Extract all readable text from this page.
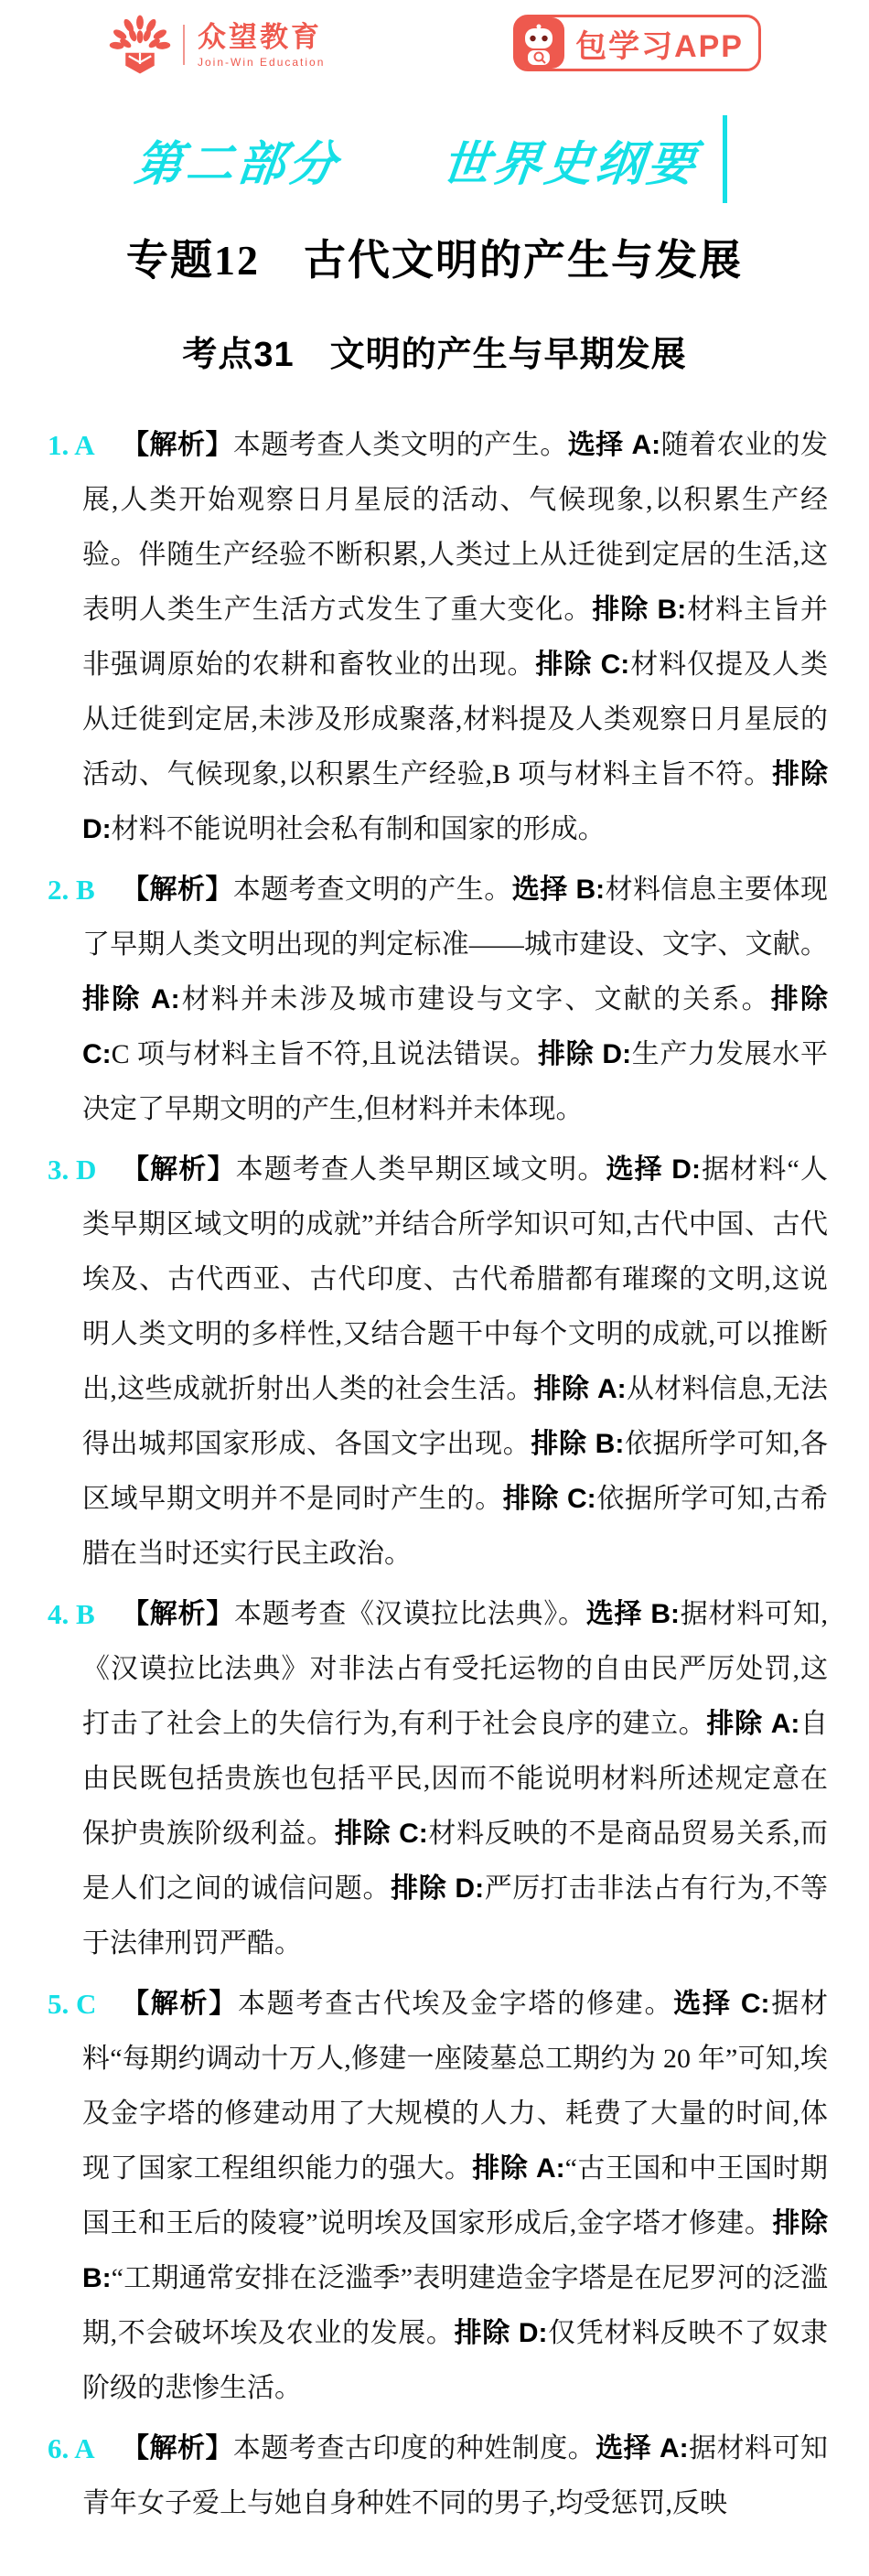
众望教育
Join-Win Education	包学习APP
第二部分　　世界史纲要
专题12　古代文明的产生与发展
考点31　文明的产生与早期发展
1. A 【解析】本题考查人类文明的产生。选择 A:随着农业的发展,人类开始观察日月星辰的活动、气候现象,以积累生产经验。伴随生产经验不断积累,人类过上从迁徙到定居的生活,这表明人类生产生活方式发生了重大变化。排除 B:材料主旨并非强调原始的农耕和畜牧业的出现。排除 C:材料仅提及人类从迁徙到定居,未涉及形成聚落,材料提及人类观察日月星辰的活动、气候现象,以积累生产经验,B 项与材料主旨不符。排除 D:材料不能说明社会私有制和国家的形成。

2. B 【解析】本题考查文明的产生。选择 B:材料信息主要体现了早期人类文明出现的判定标准——城市建设、文字、文献。排除 A:材料并未涉及城市建设与文字、文献的关系。排除 C:C 项与材料主旨不符,且说法错误。排除 D:生产力发展水平决定了早期文明的产生,但材料并未体现。

3. D 【解析】本题考查人类早期区域文明。选择 D:据材料“人类早期区域文明的成就”并结合所学知识可知,古代中国、古代埃及、古代西亚、古代印度、古代希腊都有璀璨的文明,这说明人类文明的多样性,又结合题干中每个文明的成就,可以推断出,这些成就折射出人类的社会生活。排除 A:从材料信息,无法得出城邦国家形成、各国文字出现。排除 B:依据所学可知,各区域早期文明并不是同时产生的。排除 C:依据所学可知,古希腊在当时还实行民主政治。

4. B 【解析】本题考查《汉谟拉比法典》。选择 B:据材料可知,《汉谟拉比法典》对非法占有受托运物的自由民严厉处罚,这打击了社会上的失信行为,有利于社会良序的建立。排除 A:自由民既包括贵族也包括平民,因而不能说明材料所述规定意在保护贵族阶级利益。排除 C:材料反映的不是商品贸易关系,而是人们之间的诚信问题。排除 D:严厉打击非法占有行为,不等于法律刑罚严酷。

5. C 【解析】本题考查古代埃及金字塔的修建。选择 C:据材料“每期约调动十万人,修建一座陵墓总工期约为 20 年”可知,埃及金字塔的修建动用了大规模的人力、耗费了大量的时间,体现了国家工程组织能力的强大。排除 A:“古王国和中王国时期国王和王后的陵寝”说明埃及国家形成后,金字塔才修建。排除 B:“工期通常安排在泛滥季”表明建造金字塔是在尼罗河的泛滥期,不会破坏埃及农业的发展。排除 D:仅凭材料反映不了奴隶阶级的悲惨生活。

6. A 【解析】本题考查古印度的种姓制度。选择 A:据材料可知青年女子爱上与她自身种姓不同的男子,均受惩罚,反映
